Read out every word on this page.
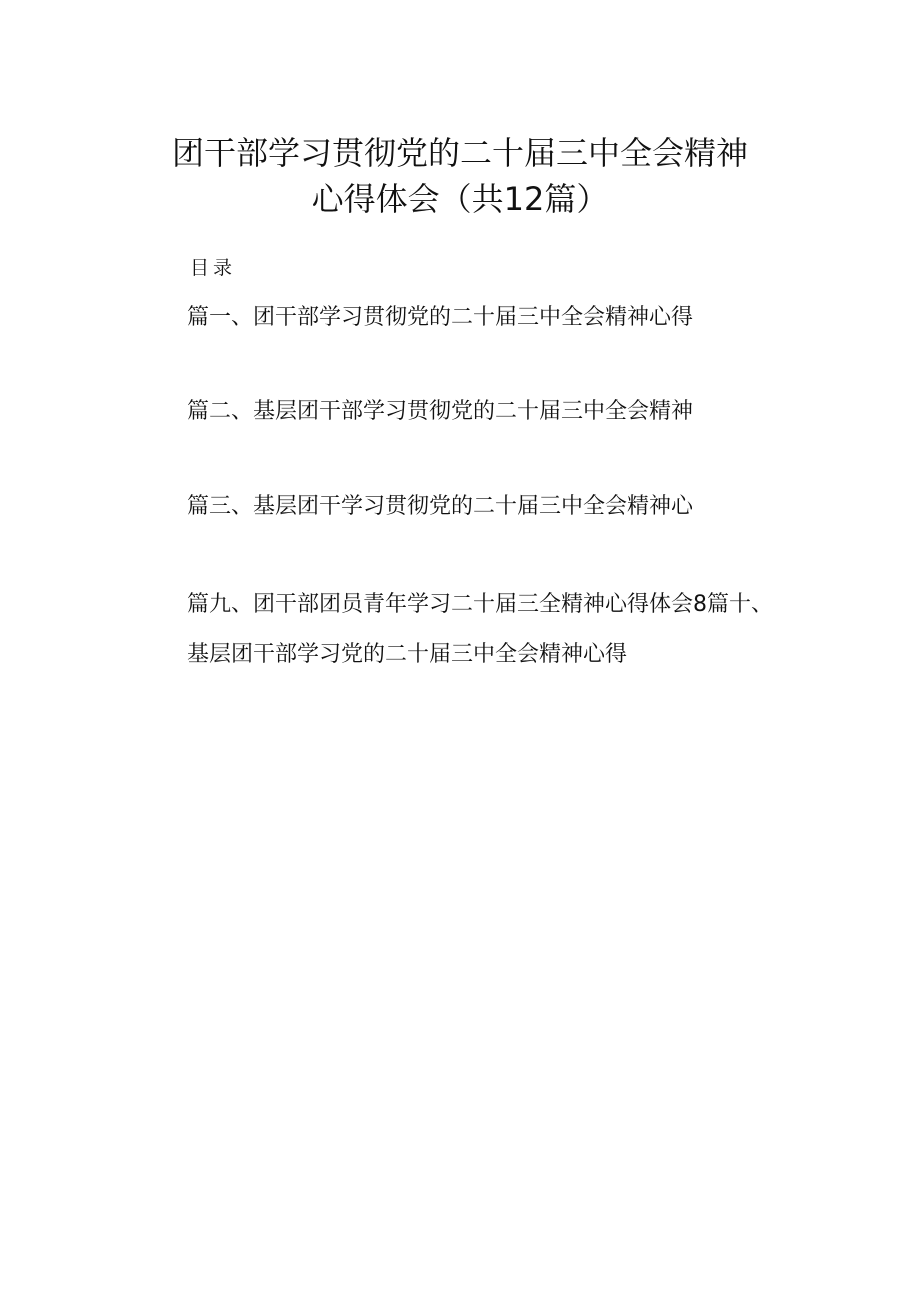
团干部学习贯彻党的二十届三中全会精神
心得体会（共12篇）
目录
篇一、团干部学习贯彻党的二十届三中全会精神心得
篇二、基层团干部学习贯彻党的二十届三中全会精神
篇三、基层团干学习贯彻党的二十届三中全会精神心
篇九、团干部团员青年学习二十届三全精神心得体会8篇十、
基层团干部学习党的二十届三中全会精神心得
